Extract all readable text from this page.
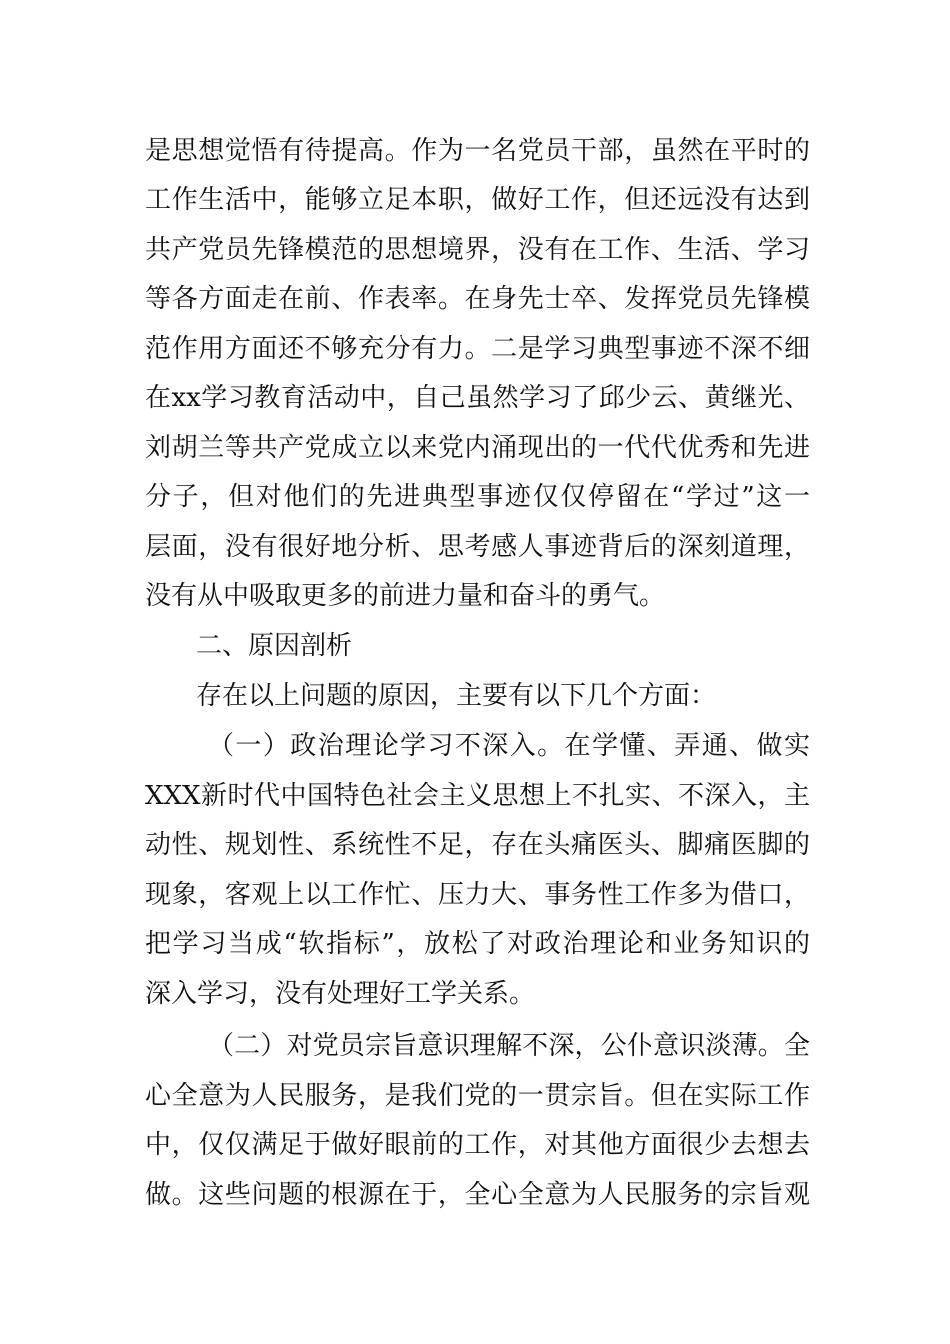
是思想觉悟有待提高。作为一名党员干部，虽然在平时的
工作生活中，能够立足本职，做好工作，但还远没有达到
共产党员先锋模范的思想境界，没有在工作、生活、学习
等各方面走在前、作表率。在身先士卒、发挥党员先锋模
范作用方面还不够充分有力。二是学习典型事迹不深不细
在xx学习教育活动中，自己虽然学习了邱少云、黄继光、
刘胡兰等共产党成立以来党内涌现出的一代代优秀和先进
分子，但对他们的先进典型事迹仅仅停留在“学过”这一
层面，没有很好地分析、思考感人事迹背后的深刻道理，
没有从中吸取更多的前进力量和奋斗的勇气。
二、原因剖析
存在以上问题的原因，主要有以下几个方面：
（一）政治理论学习不深入。在学懂、弄通、做实
XXX新时代中国特色社会主义思想上不扎实、不深入，主
动性、规划性、系统性不足，存在头痛医头、脚痛医脚的
现象，客观上以工作忙、压力大、事务性工作多为借口，
把学习当成“软指标”，放松了对政治理论和业务知识的
深入学习，没有处理好工学关系。
（二）对党员宗旨意识理解不深，公仆意识淡薄。全
心全意为人民服务，是我们党的一贯宗旨。但在实际工作
中，仅仅满足于做好眼前的工作，对其他方面很少去想去
做。这些问题的根源在于，全心全意为人民服务的宗旨观
